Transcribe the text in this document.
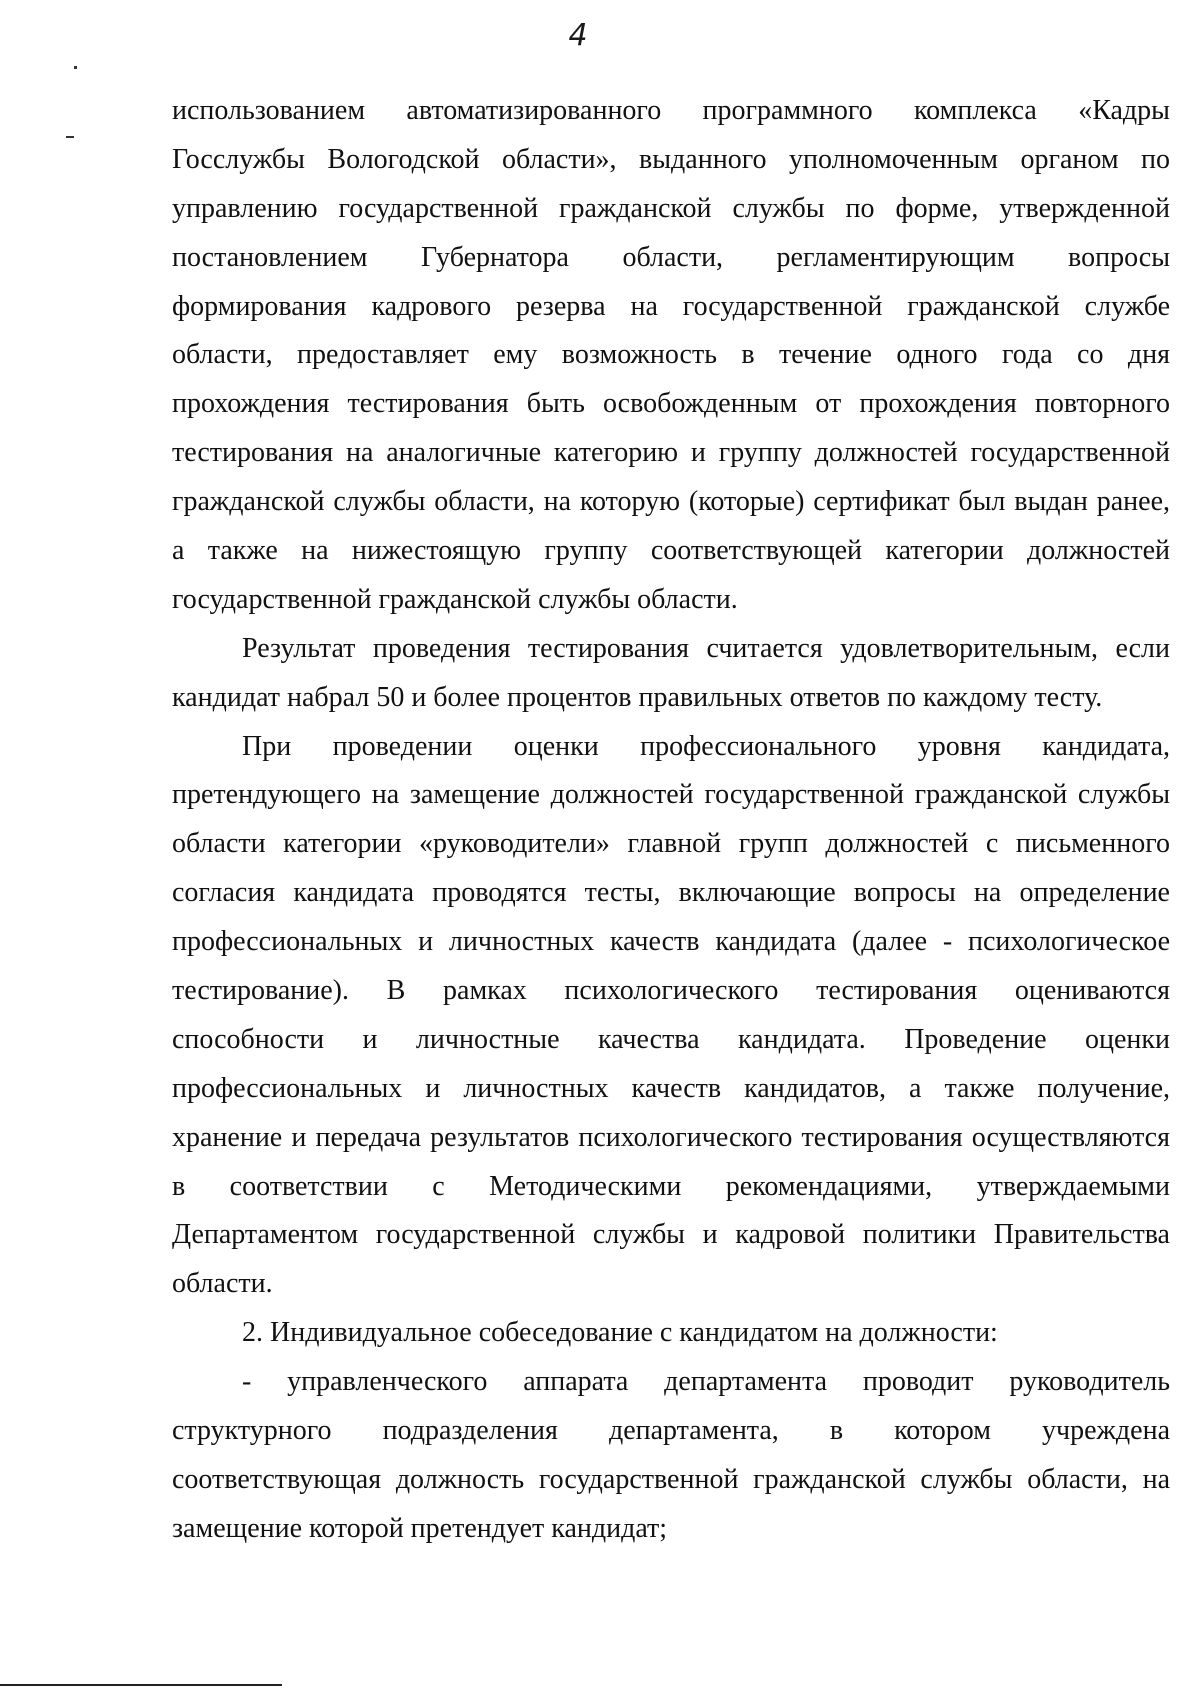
4
использованием автоматизированного программного комплекса «Кадры
Госслужбы Вологодской области», выданного уполномоченным органом по
управлению государственной гражданской службы по форме, утвержденной
постановлением Губернатора области, регламентирующим вопросы
формирования кадрового резерва на государственной гражданской службе
области, предоставляет ему возможность в течение одного года со дня
прохождения тестирования быть освобожденным от прохождения повторного
тестирования на аналогичные категорию и группу должностей государственной
гражданской службы области, на которую (которые) сертификат был выдан ранее,
а также на нижестоящую группу соответствующей категории должностей
государственной гражданской службы области.
Результат проведения тестирования считается удовлетворительным, если
кандидат набрал 50 и более процентов правильных ответов по каждому тесту.
При проведении оценки профессионального уровня кандидата,
претендующего на замещение должностей государственной гражданской службы
области категории «руководители» главной групп должностей с письменного
согласия кандидата проводятся тесты, включающие вопросы на определение
профессиональных и личностных качеств кандидата (далее - психологическое
тестирование). В рамках психологического тестирования оцениваются
способности и личностные качества кандидата. Проведение оценки
профессиональных и личностных качеств кандидатов, а также получение,
хранение и передача результатов психологического тестирования осуществляются
в соответствии с Методическими рекомендациями, утверждаемыми
Департаментом государственной службы и кадровой политики Правительства
области.
2. Индивидуальное собеседование с кандидатом на должности:
- управленческого аппарата департамента проводит руководитель
структурного подразделения департамента, в котором учреждена
соответствующая должность государственной гражданской службы области, на
замещение которой претендует кандидат;
